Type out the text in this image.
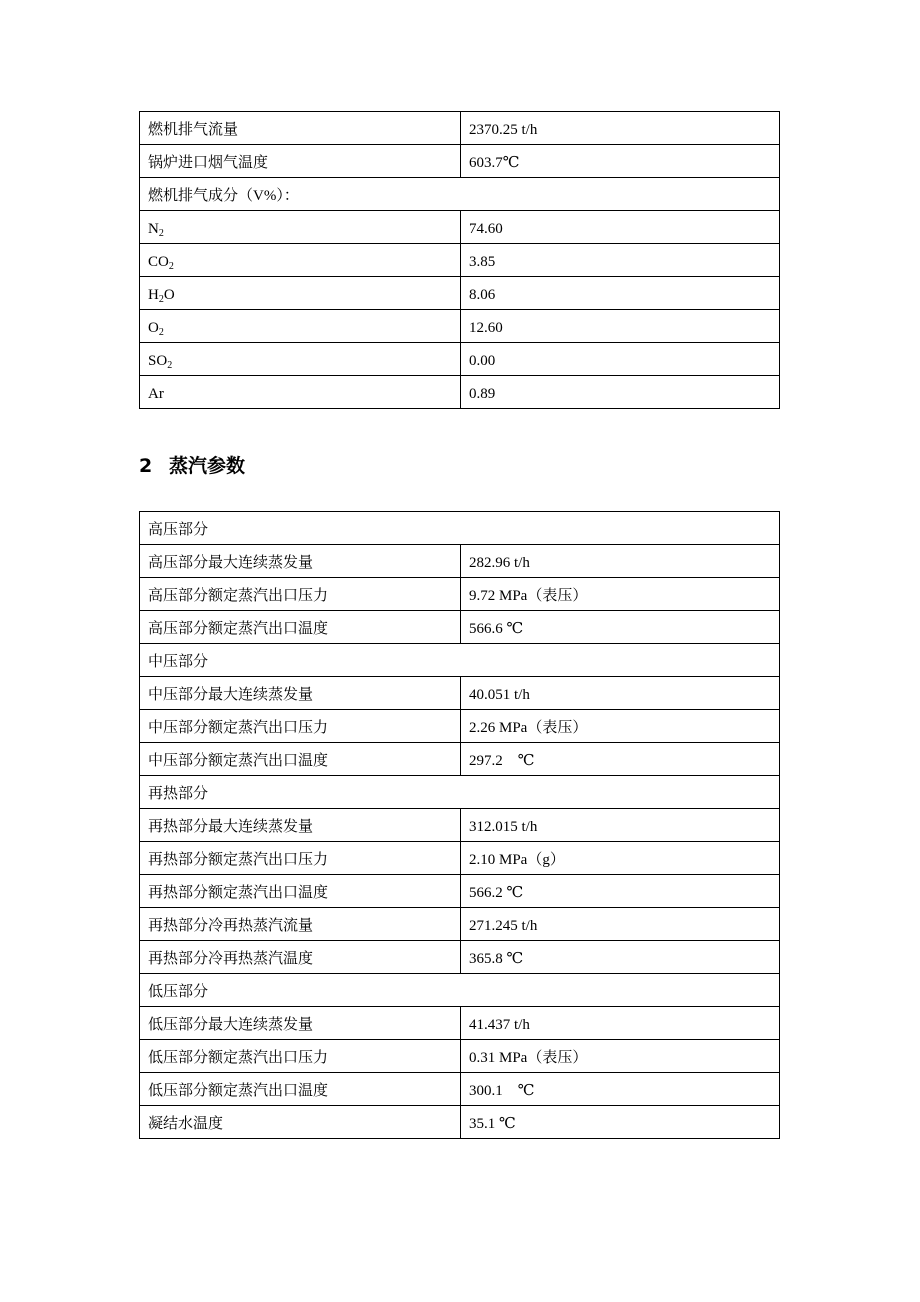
燃机排气流量	2370.25 t/h
锅炉进口烟气温度	603.7℃
燃机排气成分（V%）：	
$N_2$	74.60
$CO_2$	3.85
$H_2O$	8.06
$O_2$	12.60
$SO_2$	0.00
Ar	0.89
2 蒸汽参数
高压部分	
高压部分最大连续蒸发量	282.96 t/h
高压部分额定蒸汽出口压力	9.72 MPa（表压）
高压部分额定蒸汽出口温度	566.6 ℃
中压部分	
中压部分最大连续蒸发量	40.051 t/h
中压部分额定蒸汽出口压力	2.26 MPa（表压）
中压部分额定蒸汽出口温度	297.2　℃
再热部分	
再热部分最大连续蒸发量	312.015 t/h
再热部分额定蒸汽出口压力	2.10 MPa（g）
再热部分额定蒸汽出口温度	566.2 ℃
再热部分冷再热蒸汽流量	271.245 t/h
再热部分冷再热蒸汽温度	365.8 ℃
低压部分	
低压部分最大连续蒸发量	41.437 t/h
低压部分额定蒸汽出口压力	0.31 MPa（表压）
低压部分额定蒸汽出口温度	300.1　℃
凝结水温度	35.1 ℃
